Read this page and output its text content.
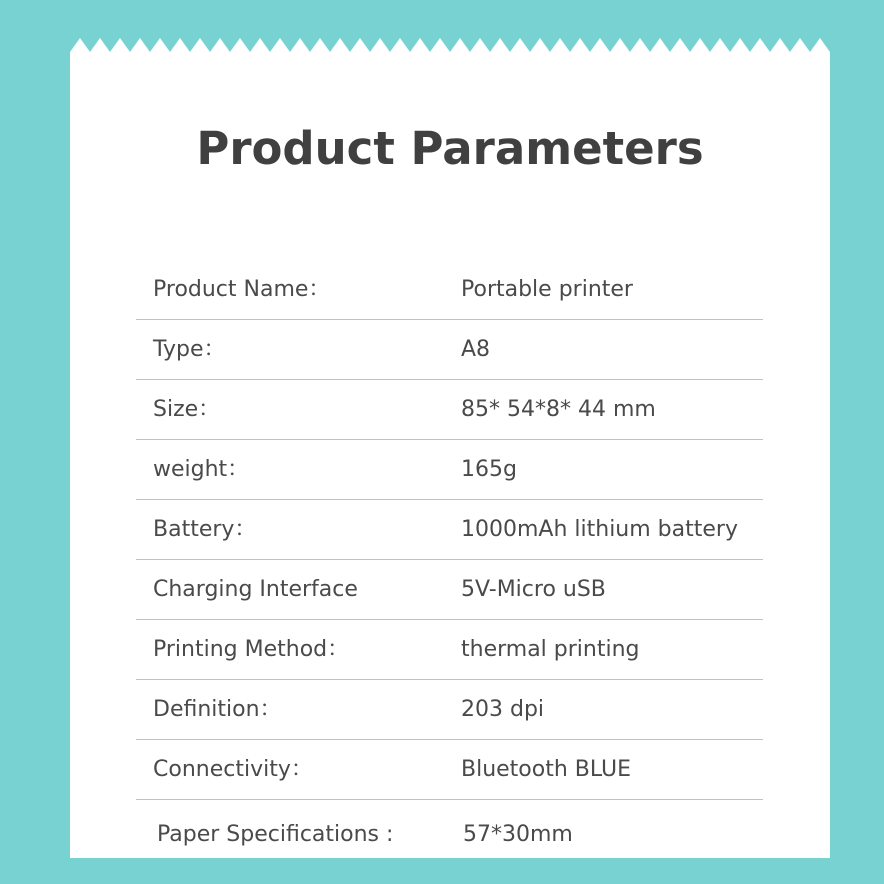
Product Parameters
Product Name：	Portable printer
Type：	A8
Size：	85* 54*8* 44 mm
weight：	165g
Battery：	1000mAh lithium battery
Charging Interface	5V-Micro uSB
Printing Method：	thermal printing
Definition：	203 dpi
Connectivity：	Bluetooth BLUE
Paper Specifications :	57*30mm
